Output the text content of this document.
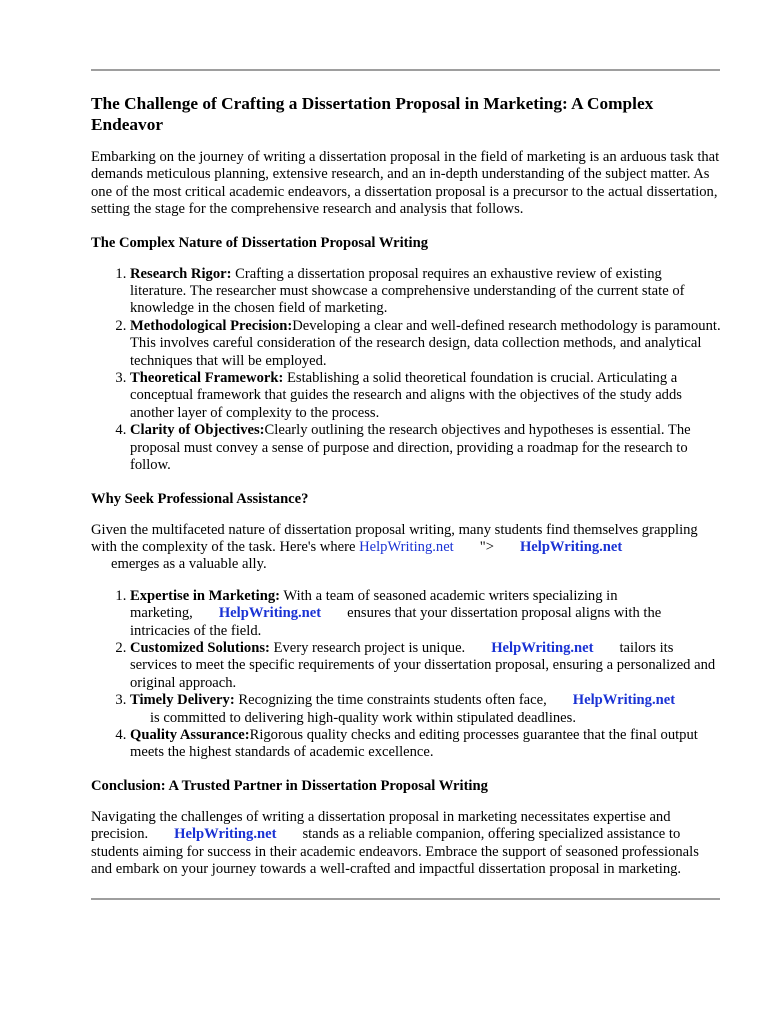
The Challenge of Crafting a Dissertation Proposal in Marketing: A Complex Endeavor

Embarking on the journey of writing a dissertation proposal in the field of marketing is an arduous task that demands meticulous planning, extensive research, and an in-depth understanding of the subject matter. As one of the most critical academic endeavors, a dissertation proposal is a precursor to the actual dissertation, setting the stage for the comprehensive research and analysis that follows.

The Complex Nature of Dissertation Proposal Writing
1. Research Rigor: Crafting a dissertation proposal requires an exhaustive review of existing literature. The researcher must showcase a comprehensive understanding of the current state of knowledge in the chosen field of marketing.
2. Methodological Precision:Developing a clear and well-defined research methodology is paramount. This involves careful consideration of the research design, data collection methods, and analytical techniques that will be employed.
3. Theoretical Framework: Establishing a solid theoretical foundation is crucial. Articulating a conceptual framework that guides the research and aligns with the objectives of the study adds another layer of complexity to the process.
4. Clarity of Objectives:Clearly outlining the research objectives and hypotheses is essential. The proposal must convey a sense of purpose and direction, providing a roadmap for the research to follow.
Why Seek Professional Assistance?

Given the multifaceted nature of dissertation proposal writing, many students find themselves grappling with the complexity of the task. Here's where HelpWriting.net "> HelpWriting.net
emerges as a valuable ally.

1. Expertise in Marketing: With a team of seasoned academic writers specializing in marketing, HelpWriting.net ensures that your dissertation proposal aligns with the intricacies of the field.
2. Customized Solutions: Every research project is unique. HelpWriting.net tailors its services to meet the specific requirements of your dissertation proposal, ensuring a personalized and original approach.
3. Timely Delivery: Recognizing the time constraints students often face, HelpWriting.net
is committed to delivering high-quality work within stipulated deadlines.
4. Quality Assurance:Rigorous quality checks and editing processes guarantee that the final output meets the highest standards of academic excellence.
Conclusion: A Trusted Partner in Dissertation Proposal Writing

Navigating the challenges of writing a dissertation proposal in marketing necessitates expertise and precision. HelpWriting.net stands as a reliable companion, offering specialized assistance to students aiming for success in their academic endeavors. Embrace the support of seasoned professionals and embark on your journey towards a well-crafted and impactful dissertation proposal in marketing.
